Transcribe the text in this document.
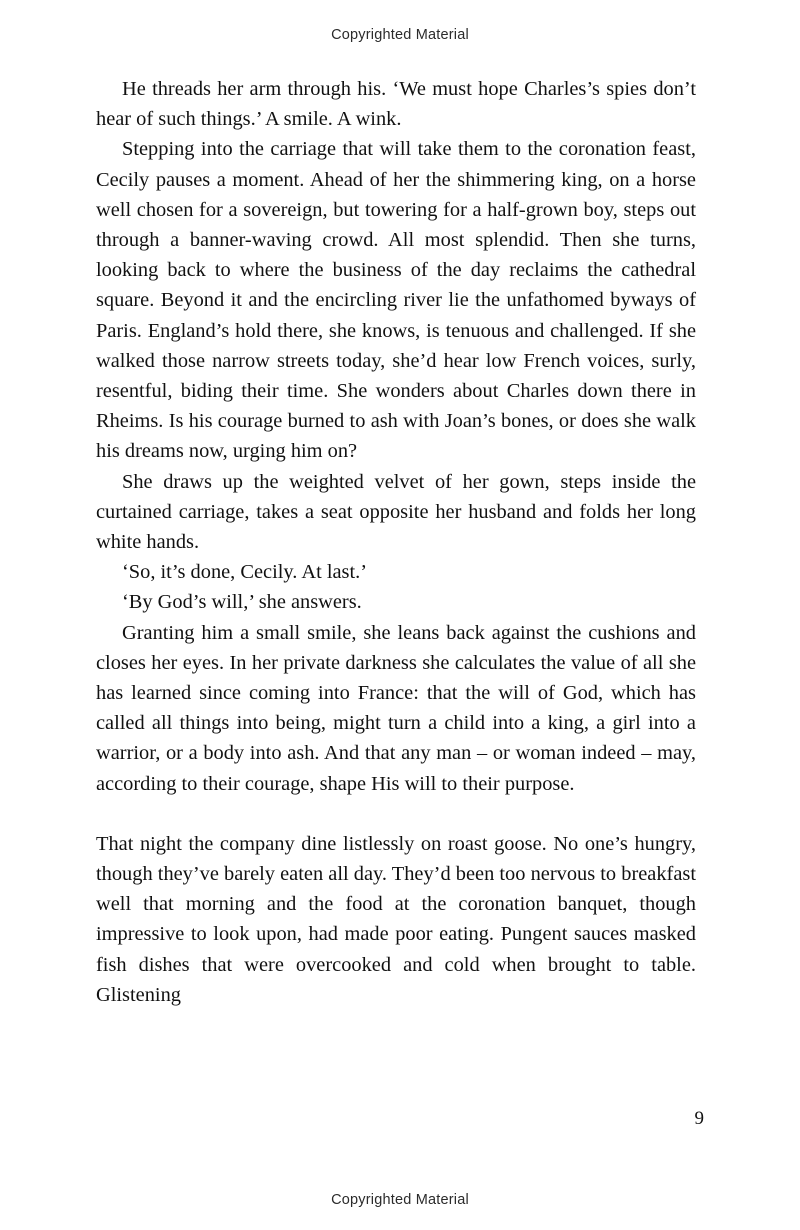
Copyrighted Material

He threads her arm through his. ‘We must hope Charles’s spies don’t hear of such things.’ A smile. A wink.

Stepping into the carriage that will take them to the coronation feast, Cecily pauses a moment. Ahead of her the shimmering king, on a horse well chosen for a sovereign, but towering for a half-grown boy, steps out through a banner-waving crowd. All most splendid. Then she turns, looking back to where the business of the day reclaims the cathedral square. Beyond it and the encircling river lie the unfathomed byways of Paris. England’s hold there, she knows, is tenuous and challenged. If she walked those narrow streets today, she’d hear low French voices, surly, resentful, biding their time. She wonders about Charles down there in Rheims. Is his courage burned to ash with Joan’s bones, or does she walk his dreams now, urging him on?

She draws up the weighted velvet of her gown, steps inside the curtained carriage, takes a seat opposite her husband and folds her long white hands.

‘So, it’s done, Cecily. At last.’

‘By God’s will,’ she answers.

Granting him a small smile, she leans back against the cushions and closes her eyes. In her private darkness she calculates the value of all she has learned since coming into France: that the will of God, which has called all things into being, might turn a child into a king, a girl into a warrior, or a body into ash. And that any man – or woman indeed – may, according to their courage, shape His will to their purpose.

That night the company dine listlessly on roast goose. No one’s hungry, though they’ve barely eaten all day. They’d been too nervous to breakfast well that morning and the food at the coronation banquet, though impressive to look upon, had made poor eating. Pungent sauces masked fish dishes that were overcooked and cold when brought to table. Glistening

9
Copyrighted Material
